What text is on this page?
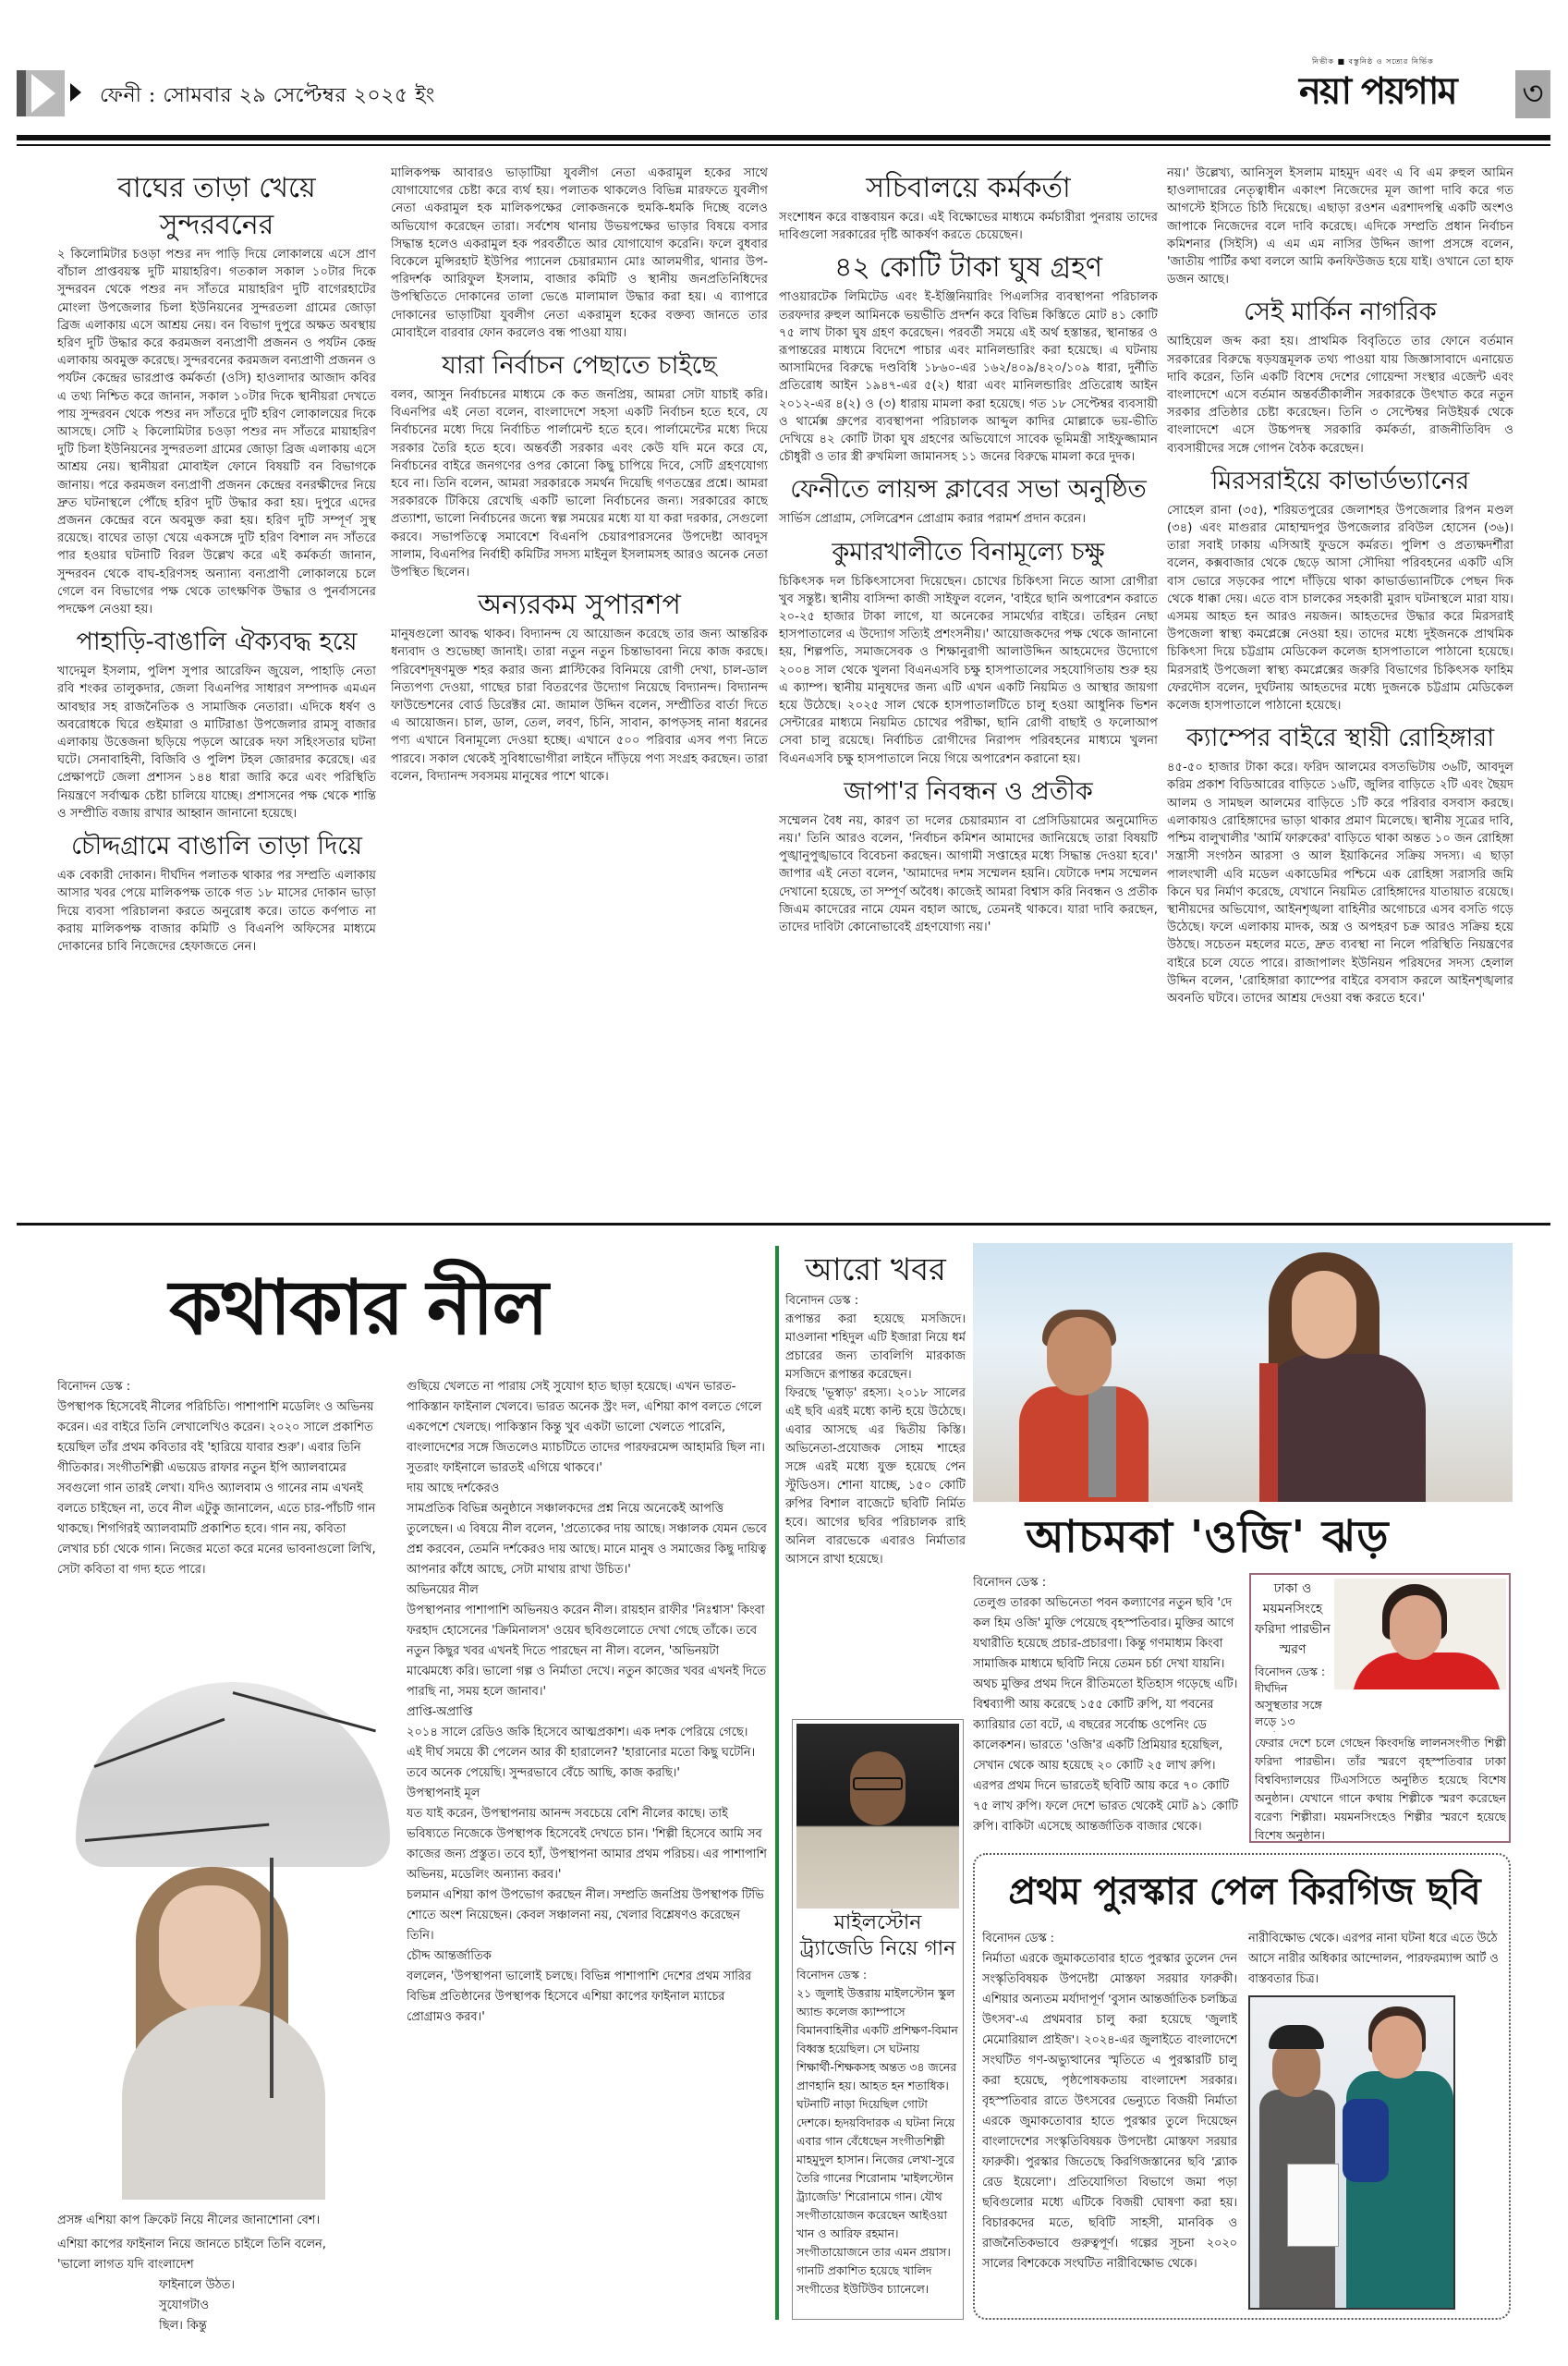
ফেনী : সোমবার ২৯ সেপ্টেম্বর ২০২৫ ইং
নিভীক ■ বস্তুনিষ্ঠ ও সত্যের নির্ভিক
নয়া পয়গাম ৩
বাঘের তাড়া খেয়ে সুন্দরবনের

২ কিলোমিটার চওড়া পশুর নদ পাড়ি দিয়ে লোকালয়ে এসে প্রাণ বাঁচাল প্রাপ্তবয়স্ক দুটি মায়াহরিণ। গতকাল সকাল ১০টার দিকে সুন্দরবন থেকে পশুর নদ সাঁতরে মায়াহরিণ দুটি বাগেরহাটের মোংলা উপজেলার চিলা ইউনিয়নের সুন্দরতলা গ্রামের জোড়া ব্রিজ এলাকায় এসে আশ্রয় নেয়। বন বিভাগ দুপুরে অক্ষত অবস্থায় হরিণ দুটি উদ্ধার করে করমজল বন্যপ্রাণী প্রজনন ও পর্যটন কেন্দ্র এলাকায় অবমুক্ত করেছে। সুন্দরবনের করমজল বন্যপ্রাণী প্রজনন ও পর্যটন কেন্দ্রের ভারপ্রাপ্ত কর্মকর্তা (ওসি) হাওলাদার আজাদ কবির এ তথ্য নিশ্চিত করে জানান, সকাল ১০টার দিকে স্থানীয়রা দেখতে পায় সুন্দরবন থেকে পশুর নদ সাঁতরে দুটি হরিণ লোকালয়ের দিকে আসছে। সেটি ২ কিলোমিটার চওড়া পশুর নদ সাঁতরে মায়াহরিণ দুটি চিলা ইউনিয়নের সুন্দরতলা গ্রামের জোড়া ব্রিজ এলাকায় এসে আশ্রয় নেয়। স্থানীয়রা মোবাইল ফোনে বিষয়টি বন বিভাগকে জানায়। পরে করমজল বন্যপ্রাণী প্রজনন কেন্দ্রের বনরক্ষীদের নিয়ে দ্রুত ঘটনাস্থলে পৌঁছে হরিণ দুটি উদ্ধার করা হয়। দুপুরে এদের প্রজনন কেন্দ্রের বনে অবমুক্ত করা হয়। হরিণ দুটি সম্পূর্ণ সুস্থ রয়েছে। বাঘের তাড়া খেয়ে একসঙ্গে দুটি হরিণ বিশাল নদ সাঁতরে পার হওয়ার ঘটনাটি বিরল উল্লেখ করে এই কর্মকর্তা জানান, সুন্দরবন থেকে বাঘ-হরিণসহ অন্যান্য বন্যপ্রাণী লোকালয়ে চলে গেলে বন বিভাগের পক্ষ থেকে তাৎক্ষণিক উদ্ধার ও পুনর্বাসনের পদক্ষেপ নেওয়া হয়।

পাহাড়ি-বাঙালি ঐক্যবদ্ধ হয়ে

খাদেমুল ইসলাম, পুলিশ সুপার আরেফিন জুয়েল, পাহাড়ি নেতা রবি শংকর তালুকদার, জেলা বিএনপির সাধারণ সম্পাদক এমএন আবছার সহ রাজনৈতিক ও সামাজিক নেতারা। এদিকে ধর্ষণ ও অবরোধকে ঘিরে গুইমারা ও মাটিরাঙা উপজেলার রামসু বাজার এলাকায় উত্তেজনা ছড়িয়ে পড়লে আরেক দফা সহিংসতার ঘটনা ঘটে। সেনাবাহিনী, বিজিবি ও পুলিশ টহল জোরদার করেছে। এর প্রেক্ষাপটে জেলা প্রশাসন ১৪৪ ধারা জারি করে এবং পরিস্থিতি নিয়ন্ত্রণে সর্বাত্মক চেষ্টা চালিয়ে যাচ্ছে। প্রশাসনের পক্ষ থেকে শান্তি ও সম্প্রীতি বজায় রাখার আহ্বান জানানো হয়েছে।

চৌদ্দগ্রামে বাঙালি তাড়া দিয়ে

এক বেকারী দোকান। দীর্ঘদিন পলাতক থাকার পর সম্প্রতি এলাকায় আসার খবর পেয়ে মালিকপক্ষ তাকে গত ১৮ মাসের দোকান ভাড়া দিয়ে ব্যবসা পরিচালনা করতে অনুরোধ করে। তাতে কর্ণপাত না করায় মালিকপক্ষ বাজার কমিটি ও বিএনপি অফিসের মাধ্যমে দোকানের চাবি নিজেদের হেফাজতে নেন।

মালিকপক্ষ আবারও ভাড়াটিয়া যুবলীগ নেতা একরামুল হকের সাথে যোগাযোগের চেষ্টা করে ব্যর্থ হয়। পলাতক থাকলেও বিভিন্ন মারফতে যুবলীগ নেতা একরামুল হক মালিকপক্ষের লোকজনকে হুমকি-ধমকি দিচ্ছে বলেও অভিযোগ করেছেন তারা। সর্বশেষ থানায় উভয়পক্ষের ভাড়ার বিষয়ে বসার সিদ্ধান্ত হলেও একরামুল হক পরবর্তীতে আর যোগাযোগ করেনি। ফলে বুধবার বিকেলে মুন্সিরহাট ইউপির প্যানেল চেয়ারম্যান মোঃ আলমগীর, থানার উপ-পরিদর্শক আরিফুল ইসলাম, বাজার কমিটি ও স্থানীয় জনপ্রতিনিধিদের উপস্থিতিতে দোকানের তালা ভেঙে মালামাল উদ্ধার করা হয়। এ ব্যাপারে দোকানের ভাড়াটিয়া যুবলীগ নেতা একরামুল হকের বক্তব্য জানতে তার মোবাইলে বারবার ফোন করলেও বন্ধ পাওয়া যায়।

যারা নির্বাচন পেছাতে চাইছে

বলব, আসুন নির্বাচনের মাধ্যমে কে কত জনপ্রিয়, আমরা সেটা যাচাই করি। বিএনপির এই নেতা বলেন, বাংলাদেশে সহসা একটি নির্বাচন হতে হবে, যে নির্বাচনের মধ্যে দিয়ে নির্বাচিত পার্লামেন্ট হতে হবে। পার্লামেন্টের মধ্যে দিয়ে সরকার তৈরি হতে হবে। অন্তর্বর্তী সরকার এবং কেউ যদি মনে করে যে, নির্বাচনের বাইরে জনগণের ওপর কোনো কিছু চাপিয়ে দিবে, সেটি গ্রহণযোগ্য হবে না। তিনি বলেন, আমরা সরকারকে সমর্থন দিয়েছি গণতন্ত্রের প্রশ্নে। আমরা সরকারকে টিকিয়ে রেখেছি একটি ভালো নির্বাচনের জন্য। সরকারের কাছে প্রত্যাশা, ভালো নির্বাচনের জন্যে স্বল্প সময়ের মধ্যে যা যা করা দরকার, সেগুলো করবে। সভাপতিত্বে সমাবেশে বিএনপি চেয়ারপারসনের উপদেষ্টা আবদুস সালাম, বিএনপির নির্বাহী কমিটির সদস্য মাইনুল ইসলামসহ আরও অনেক নেতা উপস্থিত ছিলেন।

অন্যরকম সুপারশপ

মানুষগুলো আবদ্ধ থাকব। বিদ্যানন্দ যে আয়োজন করেছে তার জন্য আন্তরিক ধন্যবাদ ও শুভেচ্ছা জানাই। তারা নতুন নতুন চিন্তাভাবনা নিয়ে কাজ করছে। পরিবেশদূষণমুক্ত শহর করার জন্য প্লাস্টিকের বিনিময়ে রোগী দেখা, চাল-ডাল নিত্যপণ্য দেওয়া, গাছের চারা বিতরণের উদ্যোগ নিয়েছে বিদ্যানন্দ। বিদ্যানন্দ ফাউন্ডেশনের বোর্ড ডিরেক্টর মো. জামাল উদ্দিন বলেন, সম্প্রীতির বার্তা দিতে এ আয়োজন। চাল, ডাল, তেল, লবণ, চিনি, সাবান, কাপড়সহ নানা ধরনের পণ্য এখানে বিনামূল্যে দেওয়া হচ্ছে। এখানে ৫০০ পরিবার এসব পণ্য নিতে পারবে। সকাল থেকেই সুবিধাভোগীরা লাইনে দাঁড়িয়ে পণ্য সংগ্রহ করছেন। তারা বলেন, বিদ্যানন্দ সবসময় মানুষের পাশে থাকে।

সচিবালয়ে কর্মকর্তা

সংশোধন করে বাস্তবায়ন করে। এই বিক্ষোভের মাধ্যমে কর্মচারীরা পুনরায় তাদের দাবিগুলো সরকারের দৃষ্টি আকর্ষণ করতে চেয়েছেন।

৪২ কোটি টাকা ঘুষ গ্রহণ

পাওয়ারটেক লিমিটেড এবং ই-ইঞ্জিনিয়ারিং পিএলসির ব্যবস্থাপনা পরিচালক তরফদার রুহুল আমিনকে ভয়ভীতি প্রদর্শন করে বিভিন্ন কিস্তিতে মোট ৪১ কোটি ৭৫ লাখ টাকা ঘুষ গ্রহণ করেছেন। পরবর্তী সময়ে এই অর্থ হস্তান্তর, স্থানান্তর ও রূপান্তরের মাধ্যমে বিদেশে পাচার এবং মানিলন্ডারিং করা হয়েছে। এ ঘটনায় আসামিদের বিরুদ্ধে দণ্ডবিধি ১৮৬০-এর ১৬২/৪০৯/৪২০/১০৯ ধারা, দুর্নীতি প্রতিরোধ আইন ১৯৪৭-এর ৫(২) ধারা এবং মানিলন্ডারিং প্রতিরোধ আইন ২০১২-এর ৪(২) ও (৩) ধারায় মামলা করা হয়েছে। গত ১৮ সেপ্টেম্বর ব্যবসায়ী ও থার্মেক্স গ্রুপের ব্যবস্থাপনা পরিচালক আব্দুল কাদির মোল্লাকে ভয়-ভীতি দেখিয়ে ৪২ কোটি টাকা ঘুষ গ্রহণের অভিযোগে সাবেক ভূমিমন্ত্রী সাইফুজ্জামান চৌধুরী ও তার স্ত্রী রুখমিলা জামানসহ ১১ জনের বিরুদ্ধে মামলা করে দুদক।

ফেনীতে লায়ন্স ক্লাবের সভা অনুষ্ঠিত

সার্ভিস প্রোগ্রাম, সেলিব্রেশন প্রোগ্রাম করার পরামর্শ প্রদান করেন।

কুমারখালীতে বিনামূল্যে চক্ষু

চিকিৎসক দল চিকিৎসাসেবা দিয়েছেন। চোখের চিকিৎসা নিতে আসা রোগীরা খুব সন্তুষ্ট। স্থানীয় বাসিন্দা কাজী সাইফুল বলেন, 'বাইরে ছানি অপারেশন করাতে ২০-২৫ হাজার টাকা লাগে, যা অনেকের সামর্থ্যের বাইরে। তহিরন নেছা হাসপাতালের এ উদ্যোগ সত্যিই প্রশংসনীয়।' আয়োজকদের পক্ষ থেকে জানানো হয়, শিল্পপতি, সমাজসেবক ও শিক্ষানুরাগী আলাউদ্দিন আহমেদের উদ্যোগে ২০০৪ সাল থেকে খুলনা বিএনএসবি চক্ষু হাসপাতালের সহযোগিতায় শুরু হয় এ ক্যাম্প। স্থানীয় মানুষদের জন্য এটি এখন একটি নিয়মিত ও আস্থার জায়গা হয়ে উঠেছে। ২০২৫ সাল থেকে হাসপাতালটিতে চালু হওয়া আধুনিক ভিশন সেন্টারের মাধ্যমে নিয়মিত চোখের পরীক্ষা, ছানি রোগী বাছাই ও ফলোআপ সেবা চালু রয়েছে। নির্বাচিত রোগীদের নিরাপদ পরিবহনের মাধ্যমে খুলনা বিএনএসবি চক্ষু হাসপাতালে নিয়ে গিয়ে অপারেশন করানো হয়।

জাপা'র নিবন্ধন ও প্রতীক

সম্মেলন বৈধ নয়, কারণ তা দলের চেয়ারম্যান বা প্রেসিডিয়ামের অনুমোদিত নয়।' তিনি আরও বলেন, 'নির্বাচন কমিশন আমাদের জানিয়েছে তারা বিষয়টি পুঙ্খানুপুঙ্খভাবে বিবেচনা করছেন। আগামী সপ্তাহের মধ্যে সিদ্ধান্ত দেওয়া হবে।' জাপার এই নেতা বলেন, 'আমাদের দশম সম্মেলন হয়নি। যেটাকে দশম সম্মেলন দেখানো হয়েছে, তা সম্পূর্ণ অবৈধ। কাজেই আমরা বিশ্বাস করি নিবন্ধন ও প্রতীক জিএম কাদেরের নামে যেমন বহাল আছে, তেমনই থাকবে। যারা দাবি করছেন, তাদের দাবিটা কোনোভাবেই গ্রহণযোগ্য নয়।'

নয়।' উল্লেখ্য, আনিসুল ইসলাম মাহমুদ এবং এ বি এম রুহুল আমিন হাওলাদারের নেতৃত্বাধীন একাংশ নিজেদের মূল জাপা দাবি করে গত আগস্টে ইসিতে চিঠি দিয়েছে। এছাড়া রওশন এরশাদপন্থি একটি অংশও জাপাকে নিজেদের বলে দাবি করেছে। এদিকে সম্প্রতি প্রধান নির্বাচন কমিশনার (সিইসি) এ এম এম নাসির উদ্দিন জাপা প্রসঙ্গে বলেন, 'জাতীয় পার্টির কথা বললে আমি কনফিউজড হয়ে যাই। ওখানে তো হাফ ডজন আছে।

সেই মার্কিন নাগরিক

আহিয়েল জব্দ করা হয়। প্রাথমিক বিবৃতিতে তার ফোনে বর্তমান সরকারের বিরুদ্ধে ষড়যন্ত্রমূলক তথ্য পাওয়া যায় জিজ্ঞাসাবাদে এনায়েত দাবি করেন, তিনি একটি বিশেষ দেশের গোয়েন্দা সংস্থার এজেন্ট এবং বাংলাদেশে এসে বর্তমান অন্তর্বর্তীকালীন সরকারকে উৎখাত করে নতুন সরকার প্রতিষ্ঠার চেষ্টা করেছেন। তিনি ৩ সেপ্টেম্বর নিউইয়র্ক থেকে বাংলাদেশে এসে উচ্চপদস্থ সরকারি কর্মকর্তা, রাজনীতিবিদ ও ব্যবসায়ীদের সঙ্গে গোপন বৈঠক করেছেন।

মিরসরাইয়ে কাভার্ডভ্যানের

সোহেল রানা (৩৫), শরিয়তপুরের জেলাশহর উপজেলার রিপন মণ্ডল (৩৪) এবং মাগুরার মোহাম্মদপুর উপজেলার রবিউল হোসেন (৩৬)। তারা সবাই ঢাকায় এসিআই ফুডসে কর্মরত। পুলিশ ও প্রত্যক্ষদর্শীরা বলেন, কক্সবাজার থেকে ছেড়ে আসা সৌদিয়া পরিবহনের একটি এসি বাস ভোরে সড়কের পাশে দাঁড়িয়ে থাকা কাভার্ডভ্যানটিকে পেছন দিক থেকে ধাক্কা দেয়। এতে বাস চালকের সহকারী মুরাদ ঘটনাস্থলে মারা যায়। এসময় আহত হন আরও নয়জন। আহতদের উদ্ধার করে মিরসরাই উপজেলা স্বাস্থ্য কমপ্লেক্সে নেওয়া হয়। তাদের মধ্যে দুইজনকে প্রাথমিক চিকিৎসা দিয়ে চট্টগ্রাম মেডিকেল কলেজ হাসপাতালে পাঠানো হয়েছে। মিরসরাই উপজেলা স্বাস্থ্য কমপ্লেক্সের জরুরি বিভাগের চিকিৎসক ফাহিম ফেরদৌস বলেন, দুর্ঘটনায় আহতদের মধ্যে দুজনকে চট্টগ্রাম মেডিকেল কলেজ হাসপাতালে পাঠানো হয়েছে।

ক্যাম্পের বাইরে স্থায়ী রোহিঙ্গারা

৪৫-৫০ হাজার টাকা করে। ফরিদ আলমের বসতভিটায় ৩৬টি, আবদুল করিম প্রকাশ বিডিআরের বাড়িতে ১৬টি, জুলির বাড়িতে ২টি এবং ছৈয়দ আলম ও সামছল আলমের বাড়িতে ১টি করে পরিবার বসবাস করছে। এলাকায়ও রোহিঙ্গাদের ভাড়া থাকার প্রমাণ মিলেছে। স্থানীয় সূত্রের দাবি, পশ্চিম বালুখালীর 'আর্মি ফারুকের' বাড়িতে থাকা অন্তত ১০ জন রোহিঙ্গা সন্ত্রাসী সংগঠন আরসা ও আল ইয়াকিনের সক্রিয় সদস্য। এ ছাড়া পালংখালী এবি মডেল একাডেমির পশ্চিমে এক রোহিঙ্গা সরাসরি জমি কিনে ঘর নির্মাণ করেছে, যেখানে নিয়মিত রোহিঙ্গাদের যাতায়াত রয়েছে। স্থানীয়দের অভিযোগ, আইনশৃঙ্খলা বাহিনীর অগোচরে এসব বসতি গড়ে উঠেছে। ফলে এলাকায় মাদক, অস্ত্র ও অপহরণ চক্র আরও সক্রিয় হয়ে উঠছে। সচেতন মহলের মতে, দ্রুত ব্যবস্থা না নিলে পরিস্থিতি নিয়ন্ত্রণের বাইরে চলে যেতে পারে। রাজাপালং ইউনিয়ন পরিষদের সদস্য হেলাল উদ্দিন বলেন, 'রোহিঙ্গারা ক্যাম্পের বাইরে বসবাস করলে আইনশৃঙ্খলার অবনতি ঘটবে। তাদের আশ্রয় দেওয়া বন্ধ করতে হবে।'

কথাকার নীল

বিনোদন ডেস্ক :

উপস্থাপক হিসেবেই নীলের পরিচিতি। পাশাপাশি মডেলিং ও অভিনয় করেন। এর বাইরে তিনি লেখালেখিও করেন। ২০২০ সালে প্রকাশিত হয়েছিল তাঁর প্রথম কবিতার বই 'হারিয়ে যাবার শুরু'। এবার তিনি গীতিকার। সংগীতশিল্পী এভয়েড রাফার নতুন ইপি অ্যালবামের সবগুলো গান তারই লেখা। যদিও অ্যালবাম ও গানের নাম এখনই বলতে চাইছেন না, তবে নীল এটুকু জানালেন, এতে চার-পাঁচটি গান থাকছে। শিগগিরই অ্যালবামটি প্রকাশিত হবে। গান নয়, কবিতা লেখার চর্চা থেকে গান। নিজের মতো করে মনের ভাবনাগুলো লিখি, সেটা কবিতা বা গদ্য হতে পারে।

গুছিয়ে খেলতে না পারায় সেই সুযোগ হাত ছাড়া হয়েছে। এখন ভারত-পাকিস্তান ফাইনাল খেলবে। ভারত অনেক স্ট্রং দল, এশিয়া কাপ বলতে গেলে একপেশে খেলছে। পাকিস্তান কিন্তু খুব একটা ভালো খেলতে পারেনি, বাংলাদেশের সঙ্গে জিতলেও ম্যাচটিতে তাদের পারফরমেন্স আহামরি ছিল না। সুতরাং ফাইনালে ভারতই এগিয়ে থাকবে।'

দায় আছে দর্শকেরও

সামপ্রতিক বিভিন্ন অনুষ্ঠানে সঞ্চালকদের প্রশ্ন নিয়ে অনেকেই আপত্তি তুলেছেন। এ বিষয়ে নীল বলেন, 'প্রত্যেকের দায় আছে। সঞ্চালক যেমন ভেবে প্রশ্ন করবেন, তেমনি দর্শকেরও দায় আছে। মানে মানুষ ও সমাজের কিছু দায়িত্ব আপনার কাঁধে আছে, সেটা মাথায় রাখা উচিত।'

অভিনয়ের নীল

উপস্থাপনার পাশাপাশি অভিনয়ও করেন নীল। রায়হান রাফীর 'নিঃশ্বাস' কিংবা ফরহাদ হোসেনের 'ক্রিমিনালস' ওয়েব ছবিগুলোতে দেখা গেছে তাঁকে। তবে নতুন কিছুর খবর এখনই দিতে পারছেন না নীল। বলেন, 'অভিনয়টা মাঝেমধ্যে করি। ভালো গল্প ও নির্মাতা দেখে। নতুন কাজের খবর এখনই দিতে পারছি না, সময় হলে জানাব।'

প্রাপ্তি-অপ্রাপ্তি

২০১৪ সালে রেডিও জকি হিসেবে আত্মপ্রকাশ। এক দশক পেরিয়ে গেছে। এই দীর্ঘ সময়ে কী পেলেন আর কী হারালেন? 'হারানোর মতো কিছু ঘটেনি। তবে অনেক পেয়েছি। সুন্দরভাবে বেঁচে আছি, কাজ করছি।'

উপস্থাপনাই মূল

যত যাই করেন, উপস্থাপনায় আনন্দ সবচেয়ে বেশি নীলের কাছে। তাই ভবিষ্যতে নিজেকে উপস্থাপক হিসেবেই দেখতে চান। 'শিল্পী হিসেবে আমি সব কাজের জন্য প্রস্তুত। তবে হ্যাঁ, উপস্থাপনা আমার প্রথম পরিচয়। এর পাশাপাশি অভিনয়, মডেলিং অন্যান্য করব।'

চলমান এশিয়া কাপ উপভোগ করছেন নীল। সম্প্রতি জনপ্রিয় উপস্থাপক টিভি শোতে অংশ নিয়েছেন। কেবল সঞ্চালনা নয়, খেলার বিশ্লেষণও করেছেন তিনি।

চৌদ্দ আন্তর্জাতিক

বললেন, 'উপস্থাপনা ভালোই চলছে। বিভিন্ন পাশাপাশি দেশের প্রথম সারির বিভিন্ন প্রতিষ্ঠানের উপস্থাপক হিসেবে এশিয়া কাপের ফাইনাল ম্যাচের প্রোগ্রামও করব।'

প্রসঙ্গ এশিয়া কাপ ক্রিকেট নিয়ে নীলের জানাশোনা বেশ।
এশিয়া কাপের ফাইনাল নিয়ে জানতে চাইলে তিনি বলেন,
'ভালো লাগত যদি বাংলাদেশ
ফাইনালে উঠত।
সুযোগটাও
ছিল। কিন্তু
আরো খবর

বিনোদন ডেস্ক :

রূপান্তর করা হয়েছে মসজিদে। মাওলানা শহিদুল এটি ইজারা নিয়ে ধর্ম প্রচারের জন্য তাবলিগি মারকাজ মসজিদে রূপান্তর করেছেন।

ফিরছে 'ভূস্বাড়' রহস্য। ২০১৮ সালের এই ছবি এরই মধ্যে কাল্ট হয়ে উঠেছে। এবার আসছে এর দ্বিতীয় কিস্তি। অভিনেতা-প্রযোজক সোহম শাহের সঙ্গে এরই মধ্যে যুক্ত হয়েছে পেন স্টুডিওস। শোনা যাচ্ছে, ১৫০ কোটি রুপির বিশাল বাজেটে ছবিটি নির্মিত হবে। আগের ছবির পরিচালক রাহি অনিল বারভেকে এবারও নির্মাতার আসনে রাখা হয়েছে।

মাইলস্টোন
ট্র্যাজেডি নিয়ে গান

বিনোদন ডেস্ক :

২১ জুলাই উত্তরায় মাইলস্টোন স্কুল অ্যান্ড কলেজ ক্যাম্পাসে বিমানবাহিনীর একটি প্রশিক্ষণ-বিমান বিধ্বস্ত হয়েছিল। সে ঘটনায় শিক্ষার্থী-শিক্ষকসহ অন্তত ৩৪ জনের প্রাণহানি হয়। আহত হন শতাধিক। ঘটনাটি নাড়া দিয়েছিল গোটা দেশকে। হৃদয়বিদারক এ ঘটনা নিয়ে এবার গান বেঁধেছেন সংগীতশিল্পী মাহমুদুল হাসান। নিজের লেখা-সুরে তৈরি গানের শিরোনাম 'মাইলস্টোন ট্র্যাজেডি' শিরোনামে গান। যৌথ সংগীতায়োজন করেছেন আইওয়া খান ও আরিফ রহমান। সংগীতায়োজনে তার এমন প্রয়াস। গানটি প্রকাশিত হয়েছে খালিদ সংগীতের ইউটিউব চ্যানেলে।

আচমকা 'ওজি' ঝড়

বিনোদন ডেস্ক :

তেলুগু তারকা অভিনেতা পবন কল্যাণের নতুন ছবি 'দে কল হিম ওজি' মুক্তি পেয়েছে বৃহস্পতিবার। মুক্তির আগে যথারীতি হয়েছে প্রচার-প্রচারণা। কিন্তু গণমাধ্যম কিংবা সামাজিক মাধ্যমে ছবিটি নিয়ে তেমন চর্চা দেখা যায়নি। অথচ মুক্তির প্রথম দিনে রীতিমতো ইতিহাস গড়েছে এটি। বিশ্বব্যাপী আয় করেছে ১৫৫ কোটি রুপি, যা পবনের ক্যারিয়ার তো বটে, এ বছরের সর্বোচ্চ ওপেনিং ডে কালেকশন। ভারতে 'ওজি'র একটি প্রিমিয়ার হয়েছিল, সেখান থেকে আয় হয়েছে ২০ কোটি ২৫ লাখ রুপি। এরপর প্রথম দিনে ভারতেই ছবিটি আয় করে ৭০ কোটি ৭৫ লাখ রুপি। ফলে দেশে ভারত থেকেই মোট ৯১ কোটি রুপি। বাকিটা এসেছে আন্তর্জাতিক বাজার থেকে।

ঢাকা ও ময়মনসিংহে
ফরিদা পারভীন স্মরণ

বিনোদন ডেস্ক :

দীর্ঘদিন অসুস্থতার সঙ্গে লড়ে ১৩

ফেরার দেশে চলে গেছেন কিংবদন্তি লালনসংগীত শিল্পী ফরিদা পারভীন। তাঁর স্মরণে বৃহস্পতিবার ঢাকা বিশ্ববিদ্যালয়ের টিএসসিতে অনুষ্ঠিত হয়েছে বিশেষ অনুষ্ঠান। যেখানে গানে কথায় শিল্পীকে স্মরণ করেছেন বরেণ্য শিল্পীরা। ময়মনসিংহেও শিল্পীর স্মরণে হয়েছে বিশেষ অনুষ্ঠান।
প্রথম পুরস্কার পেল কিরগিজ ছবি

বিনোদন ডেস্ক :

নির্মাতা এরকে জুমাকতোবার হাতে পুরস্কার তুলেন দেন সংস্কৃতিবিষয়ক উপদেষ্টা মোস্তফা সরয়ার ফারুকী। এশিয়ার অন্যতম মর্যাদাপূর্ণ 'বুসান আন্তর্জাতিক চলচ্চিত্র উৎসব'-এ প্রথমবার চালু করা হয়েছে 'জুলাই মেমোরিয়াল প্রাইজ'। ২০২৪-এর জুলাইতে বাংলাদেশে সংঘটিত গণ-অভ্যুত্থানের স্মৃতিতে এ পুরস্কারটি চালু করা হয়েছে, পৃষ্ঠপোষকতায় বাংলাদেশ সরকার। বৃহস্পতিবার রাতে উৎসবের ভেন্যুতে বিজয়ী নির্মাতা এরকে জুমাকতোবার হাতে পুরস্কার তুলে দিয়েছেন বাংলাদেশের সংস্কৃতিবিষয়ক উপদেষ্টা মোস্তফা সরয়ার ফারুকী। পুরস্কার জিতেছে কিরগিজস্তানের ছবি 'ব্ল্যাক রেড ইয়েলো'। প্রতিযোগিতা বিভাগে জমা পড়া ছবিগুলোর মধ্যে এটিকে বিজয়ী ঘোষণা করা হয়। বিচারকদের মতে, ছবিটি সাহসী, মানবিক ও রাজনৈতিকভাবে গুরুত্বপূর্ণ। গল্পের সূচনা ২০২০ সালের বিশকেকে সংঘটিত নারীবিক্ষোভ থেকে।

নারীবিক্ষোভ থেকে। এরপর নানা ঘটনা ধরে এতে উঠে আসে নারীর অধিকার আন্দোলন, পারফরম্যান্স আর্ট ও বাস্তবতার চিত্র।
